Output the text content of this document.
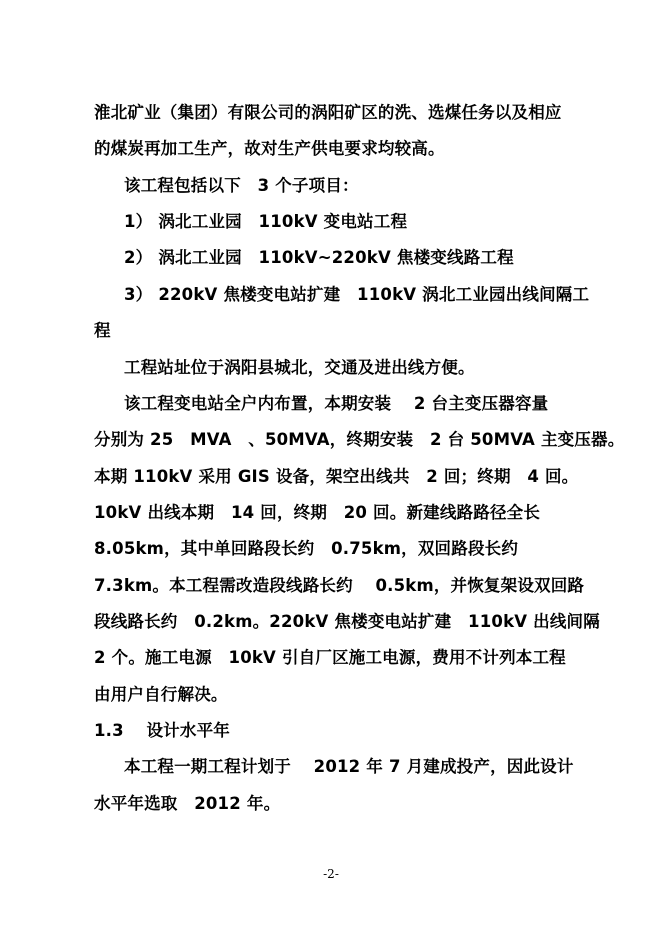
淮北矿业（集团）有限公司的涡阳矿区的洗、选煤任务以及相应
的煤炭再加工生产，故对生产供电要求均较高。
该工程包括以下　3 个子项目：
1） 涡北工业园　110kV 变电站工程
2） 涡北工业园　110kV~220kV 焦楼变线路工程
3） 220kV 焦楼变电站扩建　110kV 涡北工业园出线间隔工
程
工程站址位于涡阳县城北，交通及进出线方便。
该工程变电站全户内布置，本期安装　 2 台主变压器容量
分别为 25　MVA　、50MVA，终期安装　2 台 50MVA 主变压器。
本期 110kV 采用 GIS 设备，架空出线共　2 回；终期　4 回。
10kV 出线本期　14 回，终期　20 回。新建线路路径全长
8.05km，其中单回路段长约　0.75km，双回路段长约
7.3km。本工程需改造段线路长约　 0.5km，并恢复架设双回路
段线路长约　0.2km。220kV 焦楼变电站扩建　110kV 出线间隔
2 个。施工电源　10kV 引自厂区施工电源，费用不计列本工程
由用户自行解决。
1.3　 设计水平年
本工程一期工程计划于　 2012 年 7 月建成投产，因此设计
水平年选取　2012 年。
-2-
